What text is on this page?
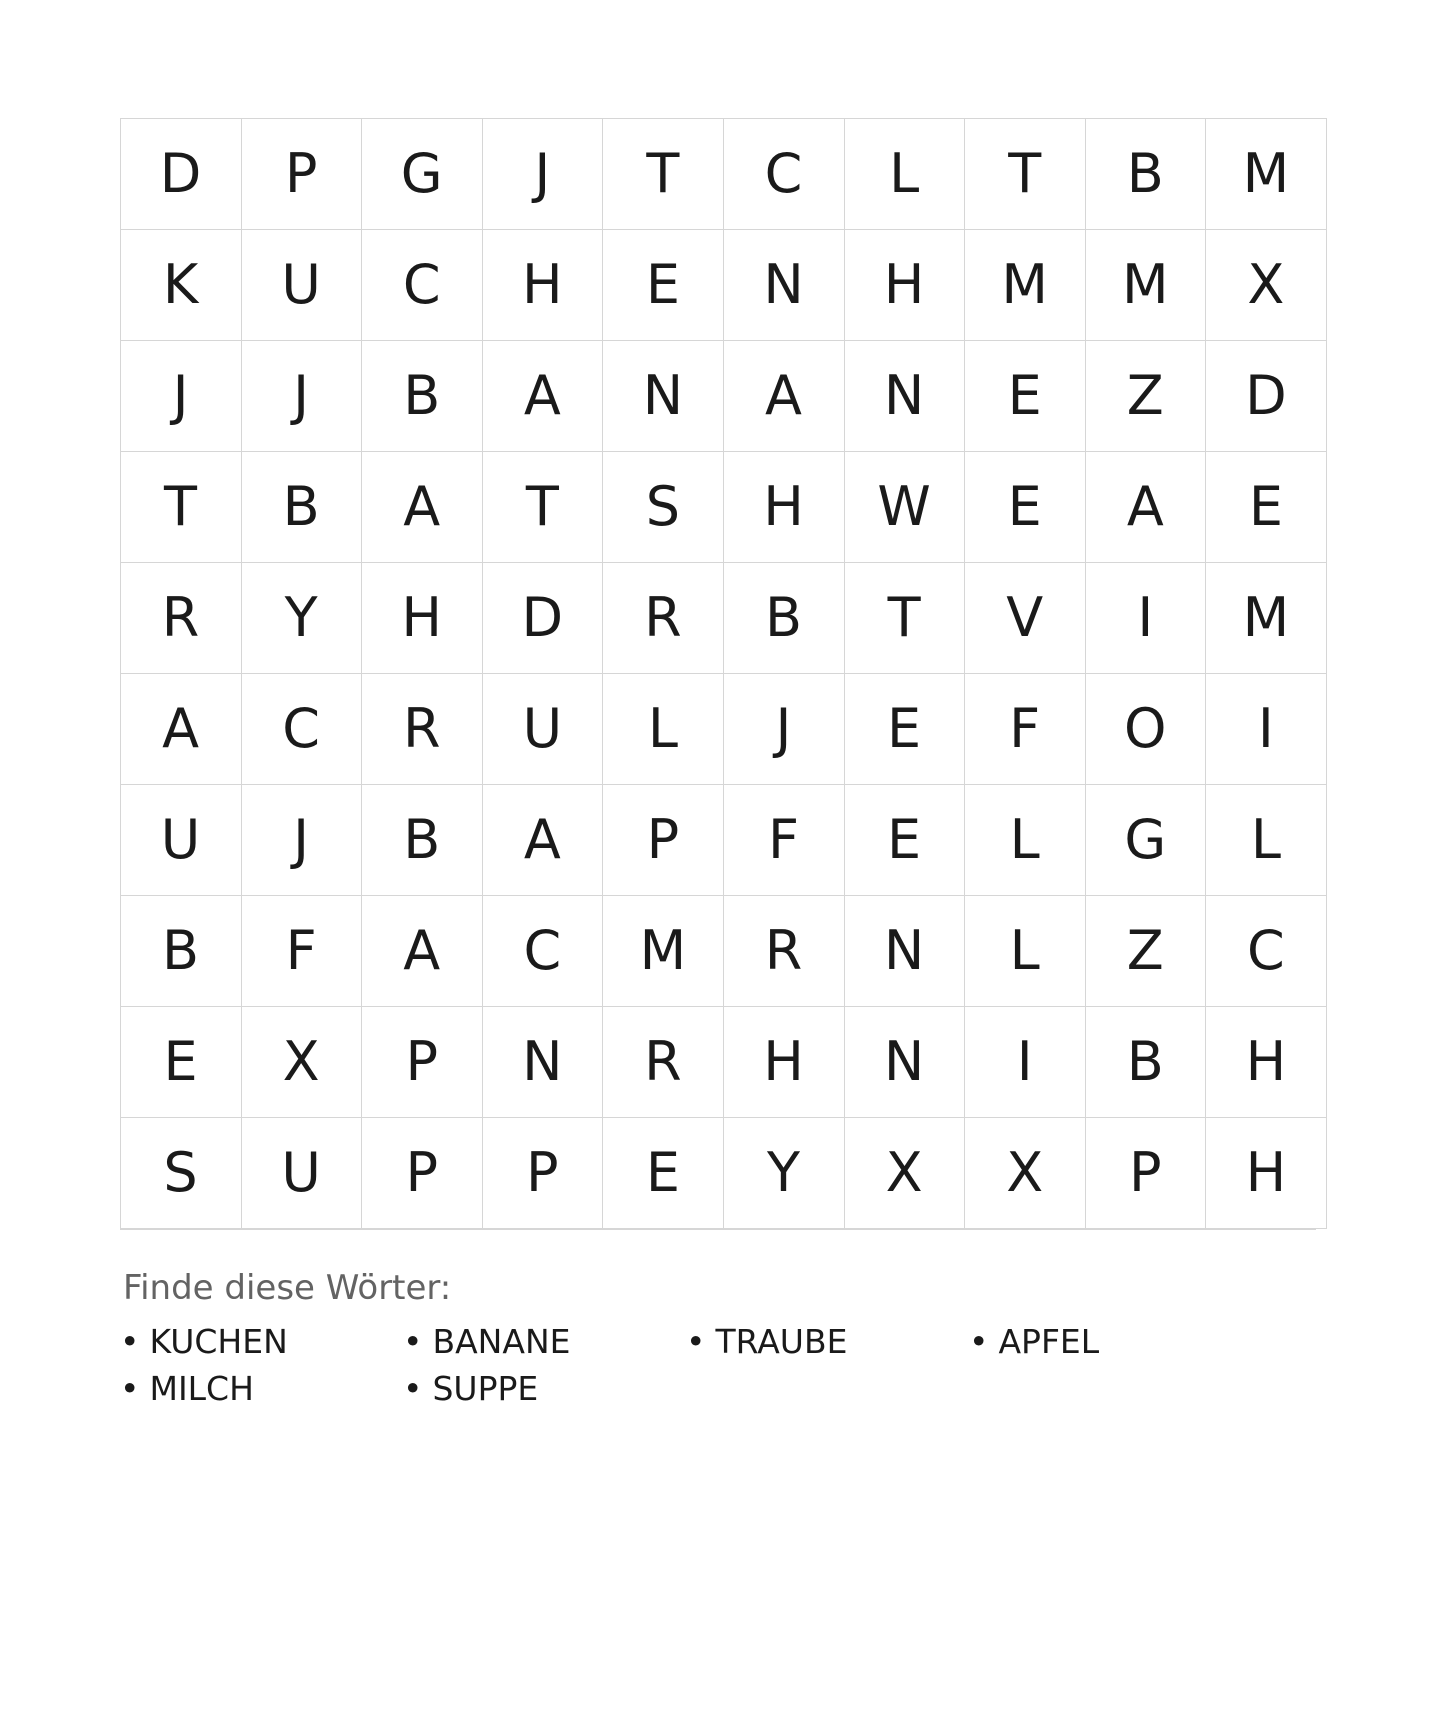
D	P	G	J	T	C	L	T	B	M
K	U	C	H	E	N	H	M	M	X
J	J	B	A	N	A	N	E	Z	D
T	B	A	T	S	H	W	E	A	E
R	Y	H	D	R	B	T	V	I	M
A	C	R	U	L	J	E	F	O	I
U	J	B	A	P	F	E	L	G	L
B	F	A	C	M	R	N	L	Z	C
E	X	P	N	R	H	N	I	B	H
S	U	P	P	E	Y	X	X	P	H
Finde diese Wörter:
• KUCHEN	• BANANE	• TRAUBE	• APFEL
• MILCH	• SUPPE
